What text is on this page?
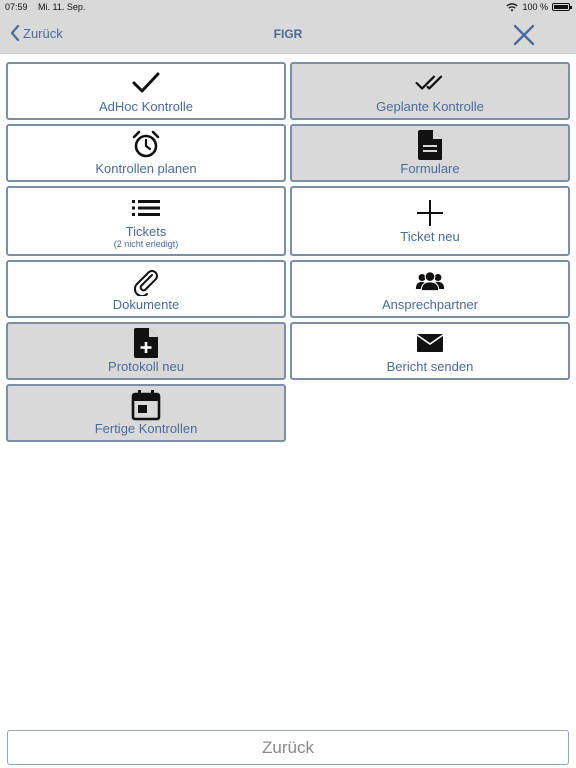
07:59 Mi. 11. Sep.	100 %
Zurück	FIGR
AdHoc Kontrolle	Geplante Kontrolle
Kontrollen planen	Formulare
Tickets
(2 nicht erledigt)	Ticket neu
Dokumente	Ansprechpartner
Protokoll neu	Bericht senden
Fertige Kontrollen
Zurück
